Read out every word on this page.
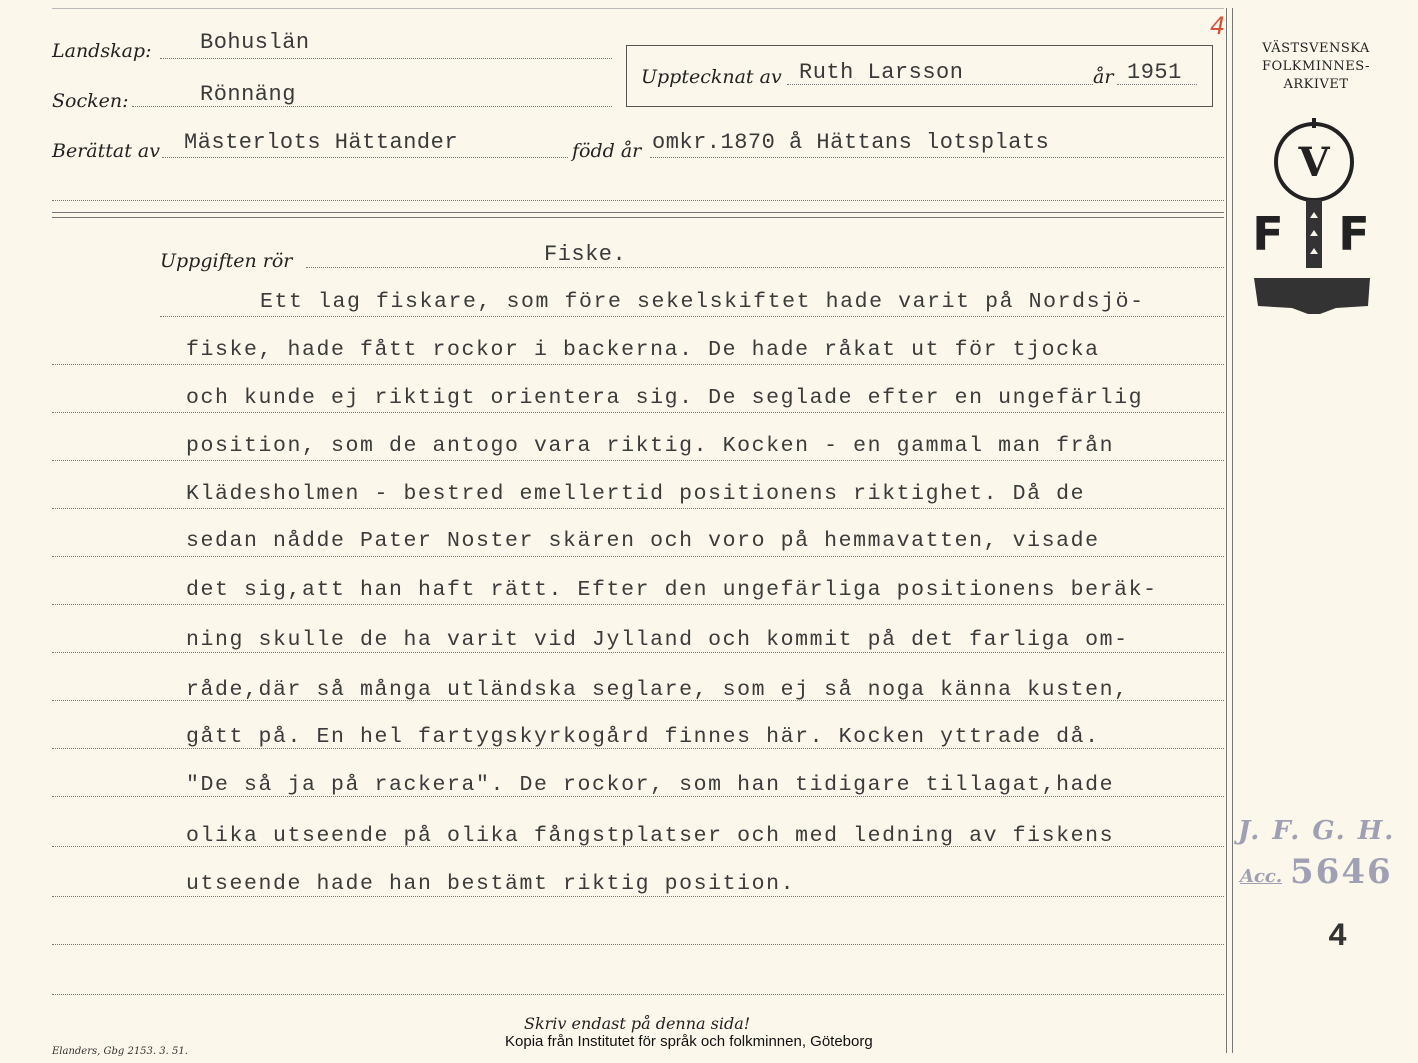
Landskap: Bohuslän
Socken:	Rönnäng
Upptecknat av Ruth Larsson	år 1951
4
Berättat av Mästerlots Hättander	född år omkr.1870 å Hättans lotsplats
Uppgiften rör	Fiske.
Ett lag fiskare, som före sekelskiftet hade varit på Nordsjö-
fiske, hade fått rockor i backerna. De hade råkat ut för tjocka
och kunde ej riktigt orientera sig. De seglade efter en ungefärlig
position, som de antogo vara riktig. Kocken - en gammal man från
Klädesholmen - bestred emellertid positionens riktighet. Då de
sedan nådde Pater Noster skären och voro på hemmavatten, visade
det sig,att han haft rätt. Efter den ungefärliga positionens beräk-
ning skulle de ha varit vid Jylland och kommit på det farliga om-
råde,där så många utländska seglare, som ej så noga känna kusten,
gått på. En hel fartygskyrkogård finnes här. Kocken yttrade då.
"De så ja på rackera". De rockor, som han tidigare tillagat,hade
olika utseende på olika fångstplatser och med ledning av fiskens
utseende hade han bestämt riktig position.
VÄSTSVENSKA
FOLKMINNES-
ARKIVET
V
F F
J. F. G. H.
Acc. 5646
4
Skriv endast på denna sida!
Elanders, Gbg 2153. 3. 51.
Kopia från Institutet för språk och folkminnen, Göteborg
